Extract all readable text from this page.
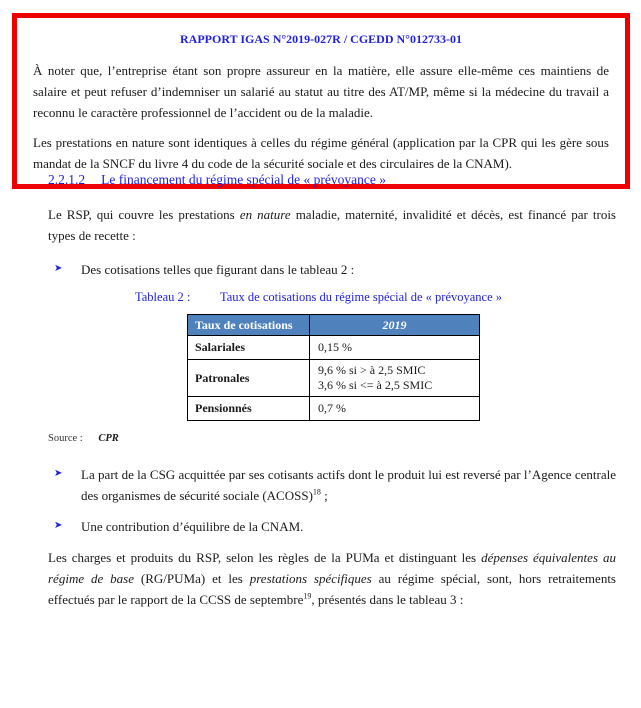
RAPPORT IGAS N°2019-027R / CGEDD N°012733-01

À noter que, l’entreprise étant son propre assureur en la matière, elle assure elle-même ces maintiens de salaire et peut refuser d’indemniser un salarié au statut au titre des AT/MP, même si la médecine du travail a reconnu le caractère professionnel de l’accident ou de la maladie.

Les prestations en nature sont identiques à celles du régime général (application par la CPR qui les gère sous mandat de la SNCF du livre 4 du code de la sécurité sociale et des circulaires de la CNAM).

2.2.1.2 Le financement du régime spécial de « prévoyance »

Le RSP, qui couvre les prestations en nature maladie, maternité, invalidité et décès, est financé par trois types de recette :

➤	Des cotisations telles que figurant dans le tableau 2 :
Tableau 2 :	Taux de cotisations du régime spécial de « prévoyance »
Taux de cotisations	2019
Salariales	0,15 %

Patronales	9,6 % si > à 2,5 SMIC
3,6 % si <= à 2,5 SMIC

Pensionnés	0,7 %
Source : CPR
➤	La part de la CSG acquittée par ses cotisants actifs dont le produit lui est reversé par l’Agence centrale des organismes de sécurité sociale (ACOSS)$^{18}$ ;
➤	Une contribution d’équilibre de la CNAM.

Les charges et produits du RSP, selon les règles de la PUMa et distinguant les dépenses équivalentes au régime de base (RG/PUMa) et les prestations spécifiques au régime spécial, sont, hors retraitements effectués par le rapport de la CCSS de septembre$^{19}$, présentés dans le tableau 3 :
